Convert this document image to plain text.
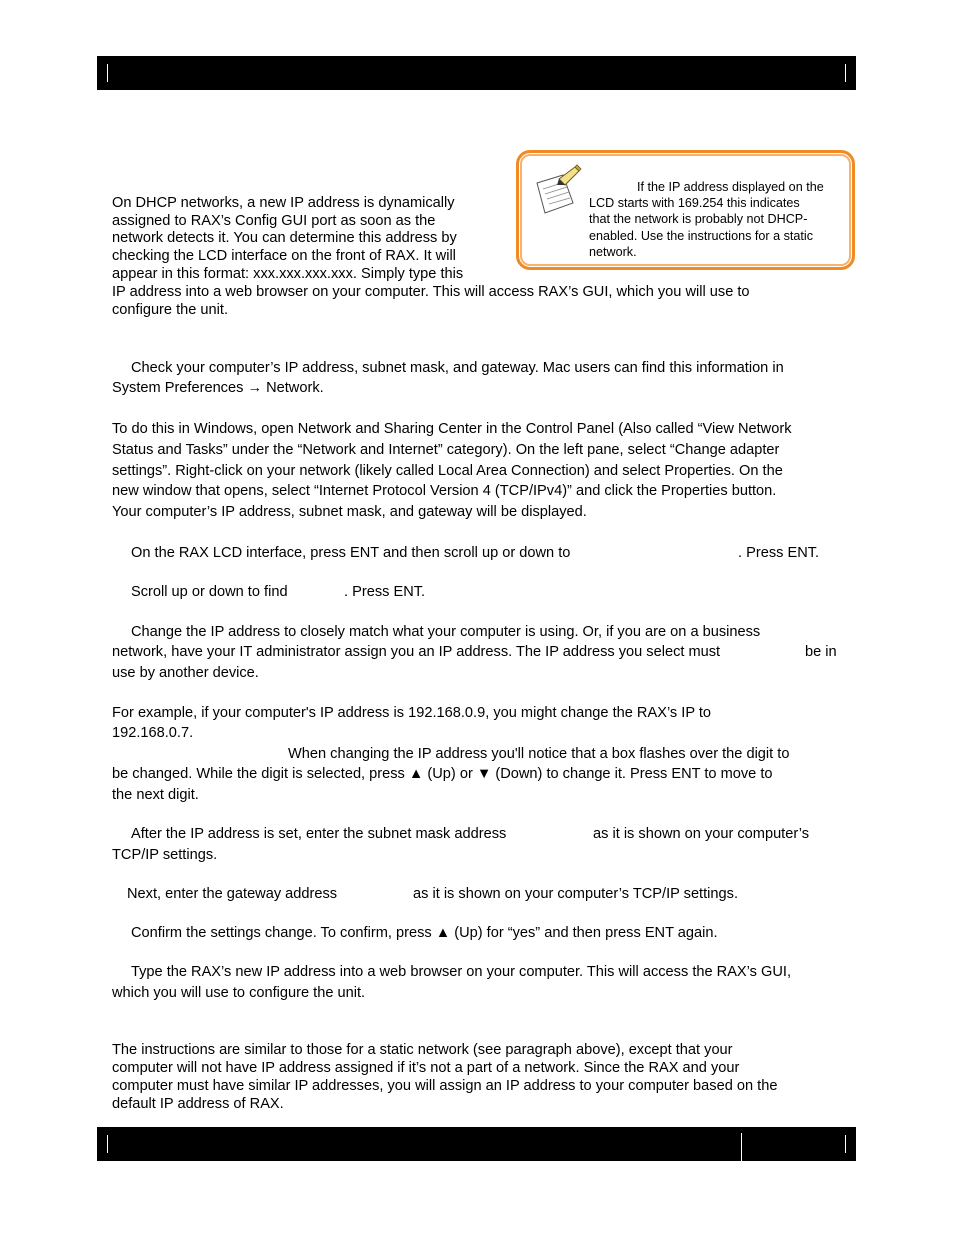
If the IP address displayed on the
LCD starts with 169.254 this indicates
that the network is probably not DHCP-
enabled. Use the instructions for a static
network.

On DHCP networks, a new IP address is dynamically

assigned to RAX’s Config GUI port as soon as the

network detects it. You can determine this address by

checking the LCD interface on the front of RAX. It will

appear in this format: xxx.xxx.xxx.xxx. Simply type this

IP address into a web browser on your computer. This will access RAX’s GUI, which you will use to

configure the unit.

Check your computer’s IP address, subnet mask, and gateway. Mac users can find this information in

System Preferences → Network.

To do this in Windows, open Network and Sharing Center in the Control Panel (Also called “View Network

Status and Tasks” under the “Network and Internet” category). On the left pane, select “Change adapter

settings”. Right-click on your network (likely called Local Area Connection) and select Properties. On the

new window that opens, select “Internet Protocol Version 4 (TCP/IPv4)” and click the Properties button.

Your computer’s IP address, subnet mask, and gateway will be displayed.

On the RAX LCD interface, press ENT and then scroll up or down to	. Press ENT.

Scroll up or down to find	. Press ENT.

Change the IP address to closely match what your computer is using. Or, if you are on a business

network, have your IT administrator assign you an IP address. The IP address you select must	be in

use by another device.

For example, if your computer's IP address is 192.168.0.9, you might change the RAX’s IP to

192.168.0.7.

When changing the IP address you'll notice that a box flashes over the digit to

be changed. While the digit is selected, press ▲ (Up) or ▼ (Down) to change it. Press ENT to move to

the next digit.

After the IP address is set, enter the subnet mask address	as it is shown on your computer’s

TCP/IP settings.

Next, enter the gateway address	as it is shown on your computer’s TCP/IP settings.

Confirm the settings change. To confirm, press ▲ (Up) for “yes” and then press ENT again.

Type the RAX’s new IP address into a web browser on your computer. This will access the RAX’s GUI,

which you will use to configure the unit.

The instructions are similar to those for a static network (see paragraph above), except that your

computer will not have IP address assigned if it’s not a part of a network. Since the RAX and your

computer must have similar IP addresses, you will assign an IP address to your computer based on the

default IP address of RAX.
